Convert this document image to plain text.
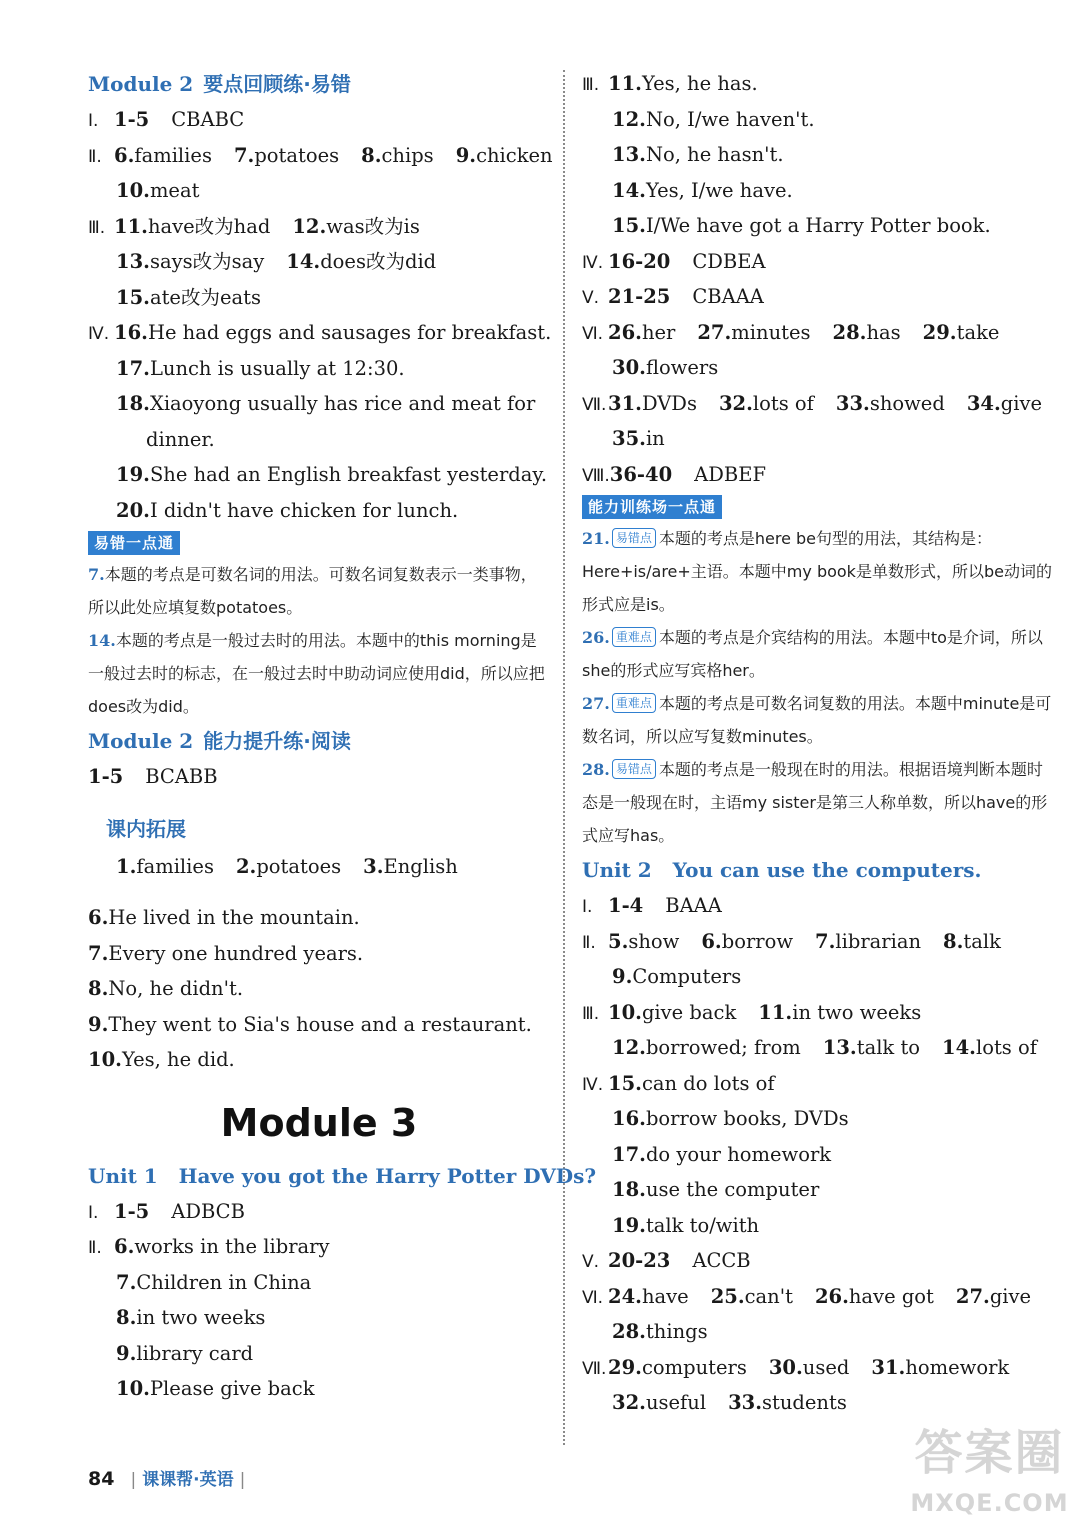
Module 2 要点回顾练·易错
Ⅰ. 1-5 CBABC
Ⅱ. 6.families 7.potatoes 8.chips 9.chicken
10.meat
Ⅲ. 11.have改为had 12.was改为is
13.says改为say 14.does改为did
15.ate改为eats
Ⅳ. 16.He had eggs and sausages for breakfast.
17.Lunch is usually at 12:30.
18.Xiaoyong usually has rice and meat for
dinner.
19.She had an English breakfast yesterday.
20.I didn't have chicken for lunch.
易错一点通
7.本题的考点是可数名词的用法。可数名词复数表示一类事物，所以此处应填复数potatoes。
14.本题的考点是一般过去时的用法。本题中的this morning是一般过去时的标志，在一般过去时中助动词应使用did，所以应把does改为did。
Module 2 能力提升练·阅读
1-5 BCABB
课内拓展
1.families 2.potatoes 3.English
6.He lived in the mountain.
7.Every one hundred years.
8.No, he didn't.
9.They went to Sia's house and a restaurant.
10.Yes, he did.
Module 3
Unit 1   Have you got the Harry Potter DVDs?
Ⅰ. 1-5 ADBCB
Ⅱ. 6.works in the library
7.Children in China
8.in two weeks
9.library card
10.Please give back
Ⅲ. 11.Yes, he has.
12.No, I/we haven't.
13.No, he hasn't.
14.Yes, I/we have.
15.I/We have got a Harry Potter book.
Ⅳ. 16-20 CDBEA
Ⅴ. 21-25 CBAAA
Ⅵ. 26.her 27.minutes 28.has 29.take
30.flowers
Ⅶ.31.DVDs 32.lots of 33.showed 34.give
35.in
Ⅷ.36-40 ADBEF
能力训练场一点通
21. 易错点 本题的考点是here be句型的用法，其结构是：Here+is/are+主语。本题中my book是单数形式，所以be动词的形式应是is。
26. 重难点 本题的考点是介宾结构的用法。本题中to是介词，所以she的形式应写宾格her。
27. 重难点 本题的考点是可数名词复数的用法。本题中minute是可数名词，所以应写复数minutes。
28. 易错点 本题的考点是一般现在时的用法。根据语境判断本题时态是一般现在时，主语my sister是第三人称单数，所以have的形式应写has。
Unit 2   You can use the computers.
Ⅰ. 1-4 BAAA
Ⅱ. 5.show 6.borrow 7.librarian 8.talk
9.Computers
Ⅲ. 10.give back 11.in two weeks
12.borrowed; from 13.talk to 14.lots of
Ⅳ. 15.can do lots of
16.borrow books, DVDs
17.do your homework
18.use the computer
19.talk to/with
Ⅴ. 20-23 ACCB
Ⅵ. 24.have 25.can't 26.have got 27.give
28.things
Ⅶ.29.computers 30.used 31.homework
32.useful 33.students
84 | 课课帮·英语 |	答案圈
MXQE.COM
